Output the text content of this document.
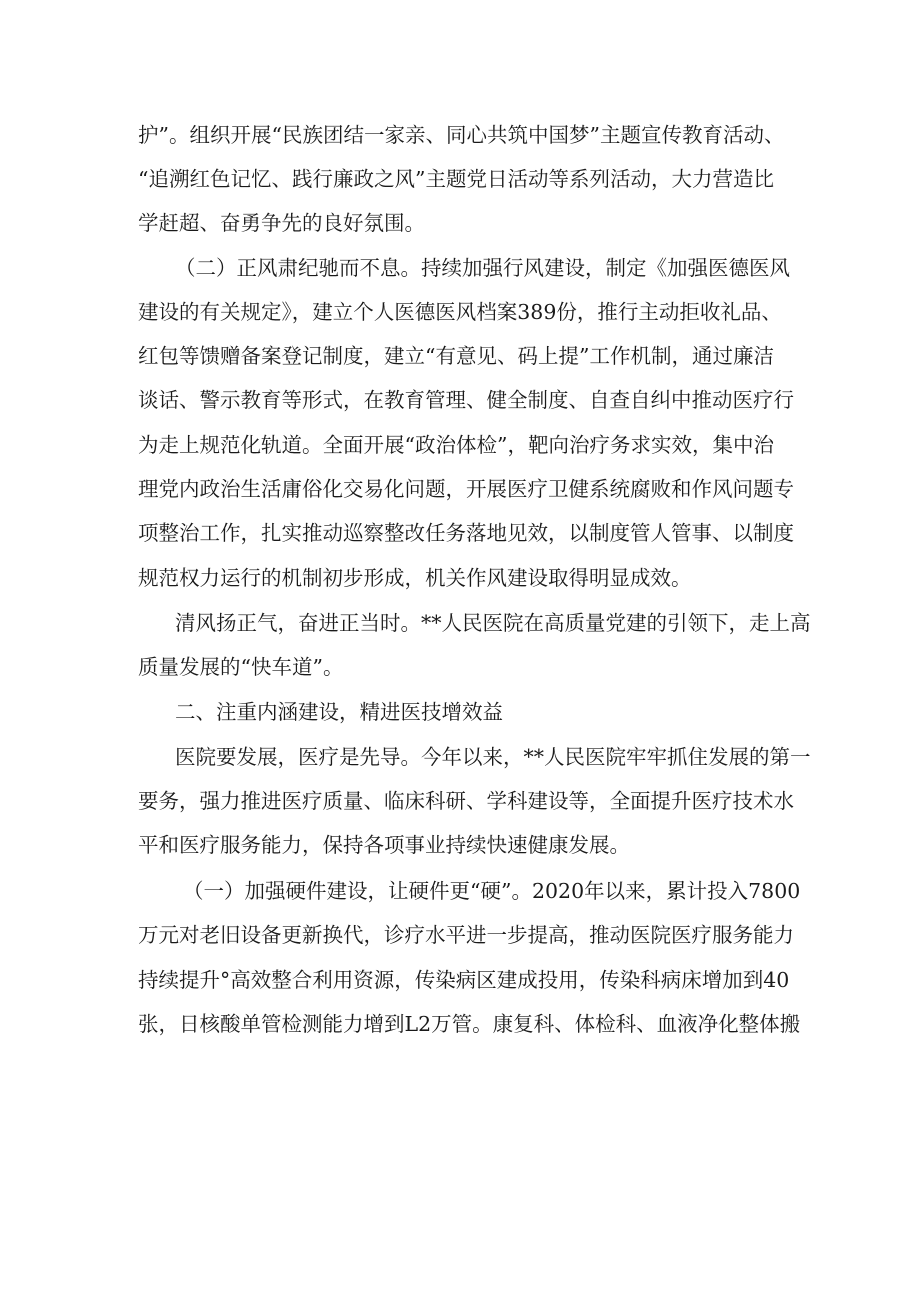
护”。组织开展“民族团结一家亲、同心共筑中国梦”主题宣传教育活动、
“追溯红色记忆、践行廉政之风”主题党日活动等系列活动，大力营造比
学赶超、奋勇争先的良好氛围。
（二）正风肃纪驰而不息。持续加强行风建设，制定《加强医德医风
建设的有关规定》，建立个人医德医风档案389份，推行主动拒收礼品、
红包等馈赠备案登记制度，建立“有意见、码上提”工作机制，通过廉洁
谈话、警示教育等形式，在教育管理、健全制度、自查自纠中推动医疗行
为走上规范化轨道。全面开展“政治体检”，靶向治疗务求实效，集中治
理党内政治生活庸俗化交易化问题，开展医疗卫健系统腐败和作风问题专
项整治工作，扎实推动巡察整改任务落地见效，以制度管人管事、以制度
规范权力运行的机制初步形成，机关作风建设取得明显成效。
清风扬正气，奋进正当时。**人民医院在高质量党建的引领下，走上高
质量发展的“快车道”。
二、注重内涵建设，精进医技增效益
医院要发展，医疗是先导。今年以来，**人民医院牢牢抓住发展的第一
要务，强力推进医疗质量、临床科研、学科建设等，全面提升医疗技术水
平和医疗服务能力，保持各项事业持续快速健康发展。
（一）加强硬件建设，让硬件更“硬”。2020年以来，累计投入7800
万元对老旧设备更新换代，诊疗水平进一步提高，推动医院医疗服务能力
持续提升°高效整合利用资源，传染病区建成投用，传染科病床增加到40
张，日核酸单管检测能力增到L2万管。康复科、体检科、血液净化整体搬
